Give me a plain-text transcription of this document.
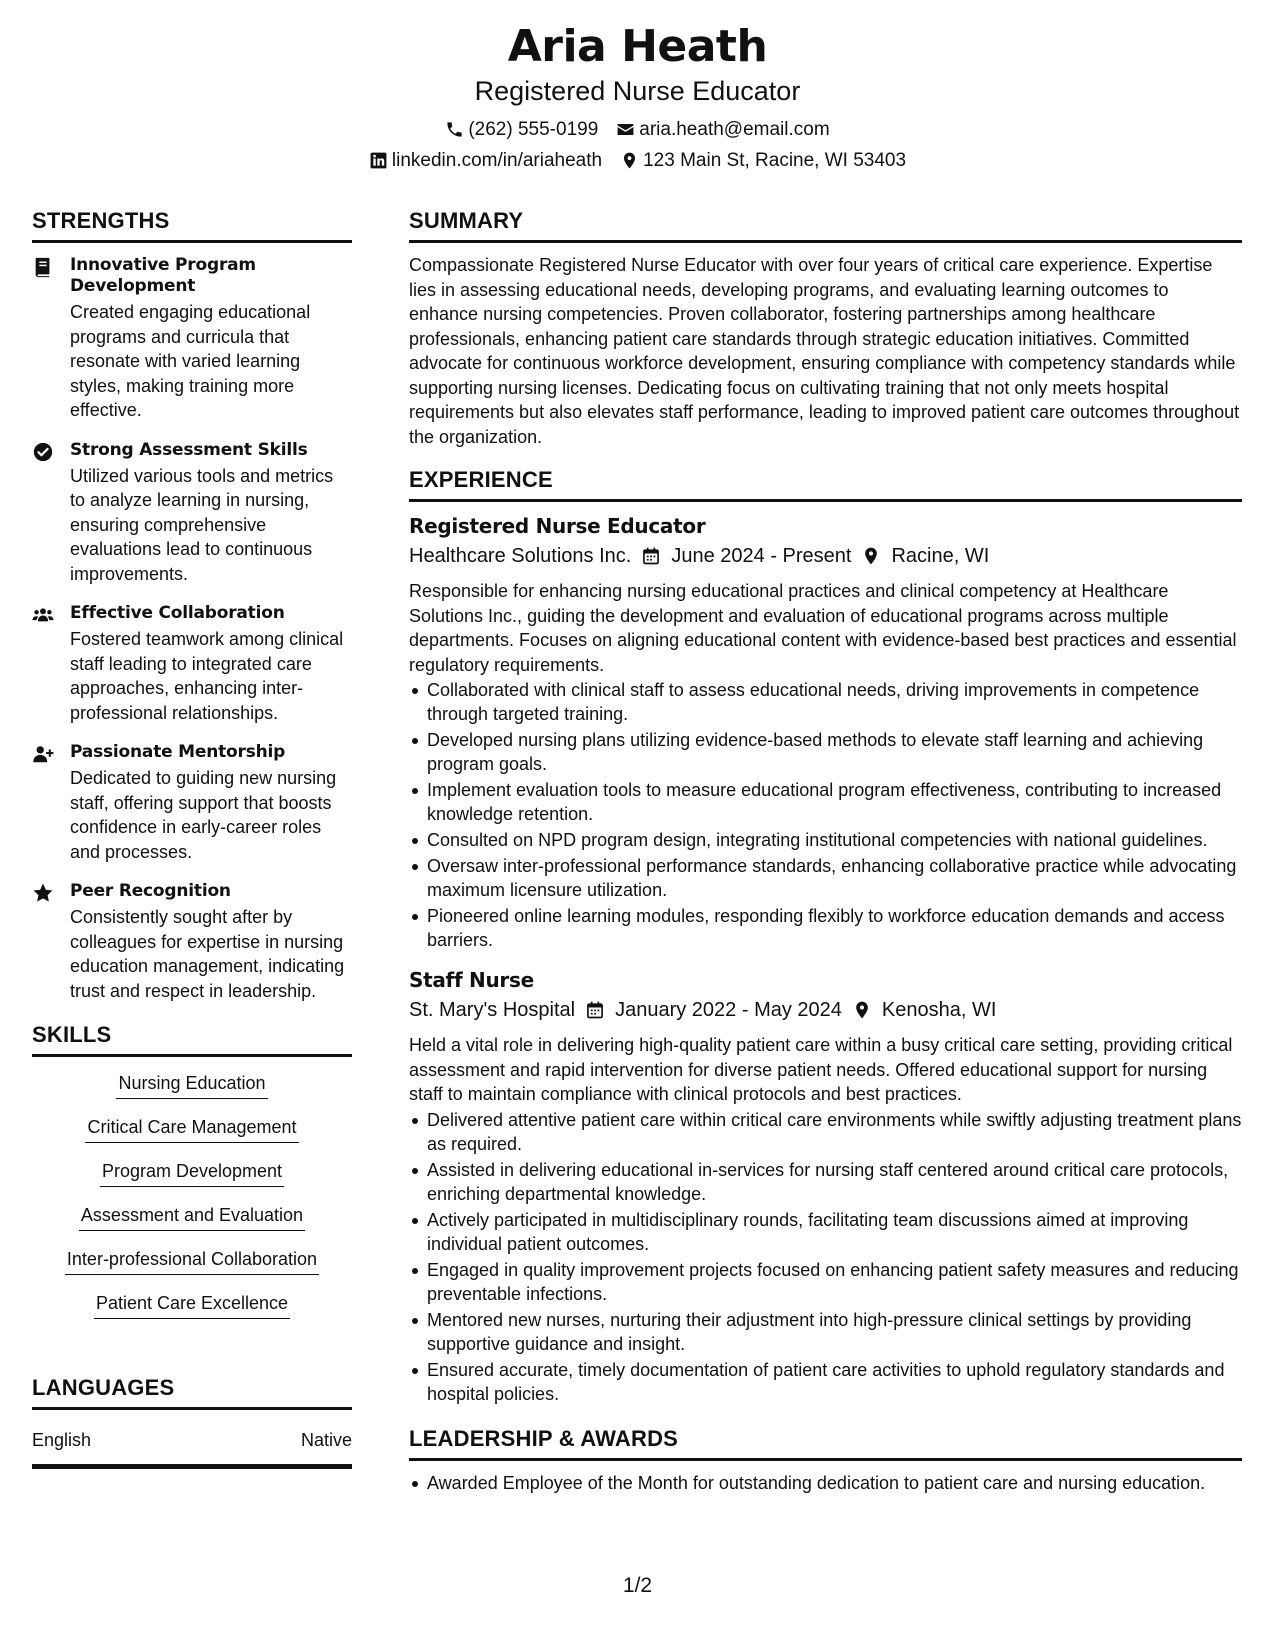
Aria Heath
Registered Nurse Educator
(262) 555-0199 aria.heath@email.com
linkedin.com/in/ariaheath 123 Main St, Racine, WI 53403
STRENGTHS
Innovative Program Development
Created engaging educational programs and curricula that resonate with varied learning styles, making training more effective.
Strong Assessment Skills
Utilized various tools and metrics to analyze learning in nursing, ensuring comprehensive evaluations lead to continuous improvements.
Effective Collaboration
Fostered teamwork among clinical staff leading to integrated care approaches, enhancing inter-professional relationships.
Passionate Mentorship
Dedicated to guiding new nursing staff, offering support that boosts confidence in early-career roles and processes.
Peer Recognition
Consistently sought after by colleagues for expertise in nursing education management, indicating trust and respect in leadership.
SKILLS
Nursing Education
Critical Care Management
Program Development
Assessment and Evaluation
Inter-professional Collaboration
Patient Care Excellence
LANGUAGES
English	Native
SUMMARY
Compassionate Registered Nurse Educator with over four years of critical care experience. Expertise lies in assessing educational needs, developing programs, and evaluating learning outcomes to enhance nursing competencies. Proven collaborator, fostering partnerships among healthcare professionals, enhancing patient care standards through strategic education initiatives. Committed advocate for continuous workforce development, ensuring compliance with competency standards while supporting nursing licenses. Dedicating focus on cultivating training that not only meets hospital requirements but also elevates staff performance, leading to improved patient care outcomes throughout the organization.
EXPERIENCE
Registered Nurse Educator
Healthcare Solutions Inc. June 2024 - Present Racine, WI
Responsible for enhancing nursing educational practices and clinical competency at Healthcare Solutions Inc., guiding the development and evaluation of educational programs across multiple departments. Focuses on aligning educational content with evidence-based best practices and essential regulatory requirements.
Collaborated with clinical staff to assess educational needs, driving improvements in competence through targeted training.
Developed nursing plans utilizing evidence-based methods to elevate staff learning and achieving program goals.
Implement evaluation tools to measure educational program effectiveness, contributing to increased knowledge retention.
Consulted on NPD program design, integrating institutional competencies with national guidelines.
Oversaw inter-professional performance standards, enhancing collaborative practice while advocating maximum licensure utilization.
Pioneered online learning modules, responding flexibly to workforce education demands and access barriers.
Staff Nurse
St. Mary's Hospital January 2022 - May 2024 Kenosha, WI
Held a vital role in delivering high-quality patient care within a busy critical care setting, providing critical assessment and rapid intervention for diverse patient needs. Offered educational support for nursing staff to maintain compliance with clinical protocols and best practices.
Delivered attentive patient care within critical care environments while swiftly adjusting treatment plans as required.
Assisted in delivering educational in-services for nursing staff centered around critical care protocols, enriching departmental knowledge.
Actively participated in multidisciplinary rounds, facilitating team discussions aimed at improving individual patient outcomes.
Engaged in quality improvement projects focused on enhancing patient safety measures and reducing preventable infections.
Mentored new nurses, nurturing their adjustment into high-pressure clinical settings by providing supportive guidance and insight.
Ensured accurate, timely documentation of patient care activities to uphold regulatory standards and hospital policies.
LEADERSHIP & AWARDS
Awarded Employee of the Month for outstanding dedication to patient care and nursing education.
1/2
